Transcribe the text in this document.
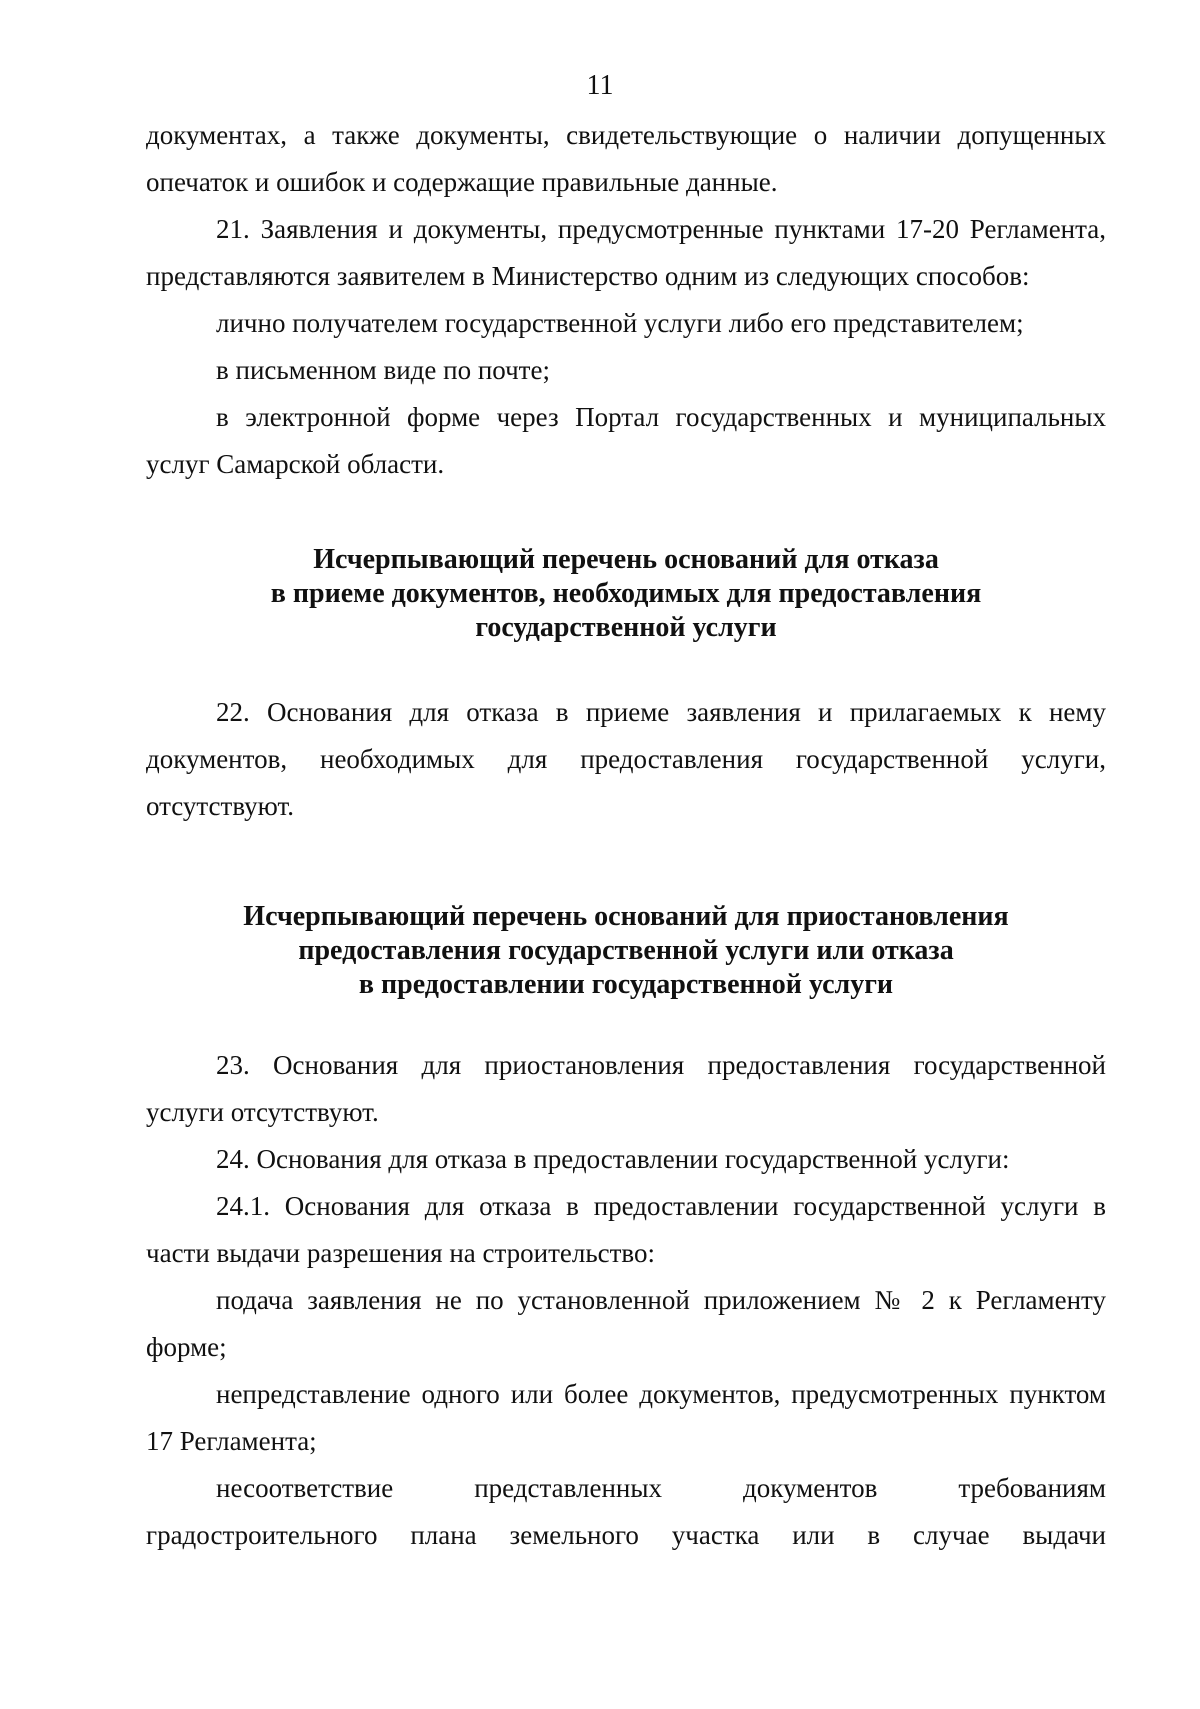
11

документах, а также документы, свидетельствующие о наличии допущенных опечаток и ошибок и содержащие правильные данные.

21. Заявления и документы, предусмотренные пунктами 17-20 Регламента, представляются заявителем в Министерство одним из следующих способов:

лично получателем государственной услуги либо его представителем;

в письменном виде по почте;

в электронной форме через Портал государственных и муниципальных услуг Самарской области.

Исчерпывающий перечень оснований для отказа
в приеме документов, необходимых для предоставления
государственной услуги

22. Основания для отказа в приеме заявления и прилагаемых к нему документов, необходимых для предоставления государственной услуги, отсутствуют.

Исчерпывающий перечень оснований для приостановления
предоставления государственной услуги или отказа
в предоставлении государственной услуги

23. Основания для приостановления предоставления государственной услуги отсутствуют.

24. Основания для отказа в предоставлении государственной услуги:

24.1. Основания для отказа в предоставлении государственной услуги в части выдачи разрешения на строительство:

подача заявления не по установленной приложением № 2 к Регламенту форме;

непредставление одного или более документов, предусмотренных пунктом 17 Регламента;

несоответствие представленных документов требованиям градостроительного плана земельного участка или в случае выдачи
